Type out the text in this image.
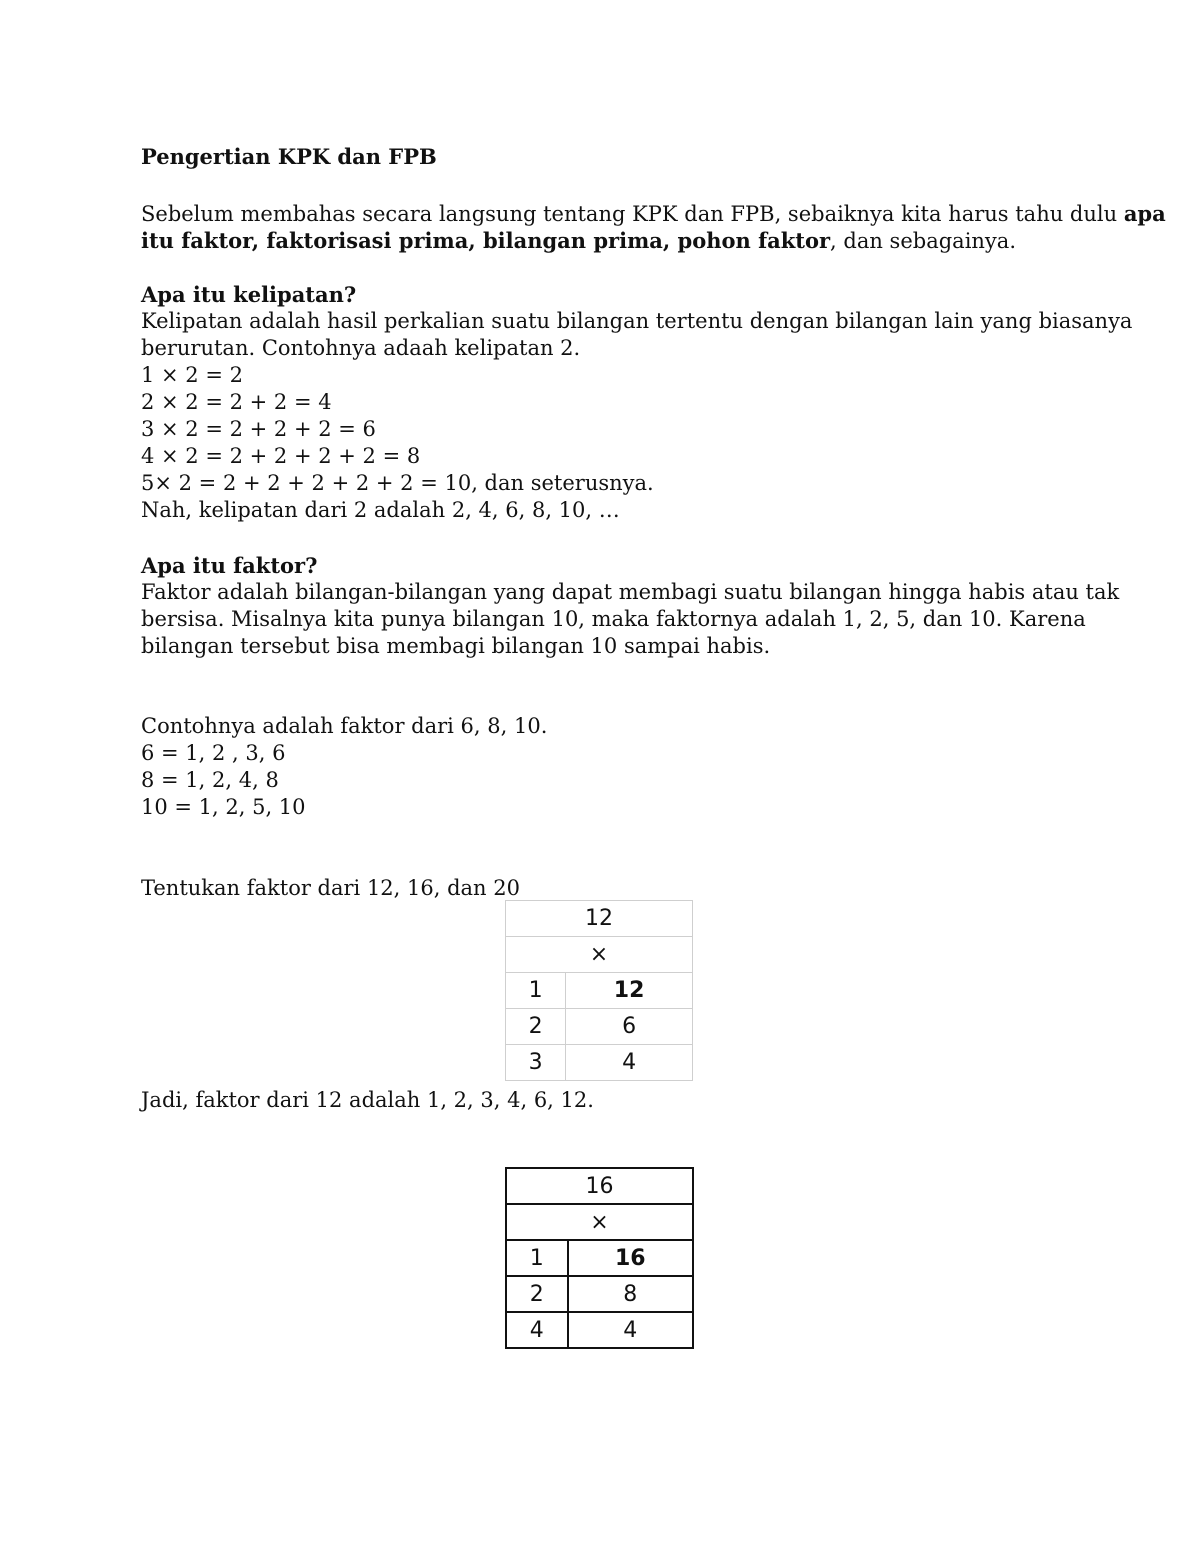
Pengertian KPK dan FPB
Sebelum membahas secara langsung tentang KPK dan FPB, sebaiknya kita harus tahu dulu apa
itu faktor, faktorisasi prima, bilangan prima, pohon faktor, dan sebagainya.
Apa itu kelipatan?
Kelipatan adalah hasil perkalian suatu bilangan tertentu dengan bilangan lain yang biasanya
berurutan. Contohnya adaah kelipatan 2.
1 × 2 = 2
2 × 2 = 2 + 2 = 4
3 × 2 = 2 + 2 + 2 = 6
4 × 2 = 2 + 2 + 2 + 2 = 8
5× 2 = 2 + 2 + 2 + 2 + 2 = 10, dan seterusnya.
Nah, kelipatan dari 2 adalah 2, 4, 6, 8, 10, …
Apa itu faktor?
Faktor adalah bilangan-bilangan yang dapat membagi suatu bilangan hingga habis atau tak
bersisa. Misalnya kita punya bilangan 10, maka faktornya adalah 1, 2, 5, dan 10. Karena
bilangan tersebut bisa membagi bilangan 10 sampai habis.
Contohnya adalah faktor dari 6, 8, 10.
6 = 1, 2 , 3, 6
8 = 1, 2, 4, 8
10 = 1, 2, 5, 10
Tentukan faktor dari 12, 16, dan 20
12	
×	
1	12
2	6
3	4
Jadi, faktor dari 12 adalah 1, 2, 3, 4, 6, 12.
16	
×	
1	16
2	8
4	4
